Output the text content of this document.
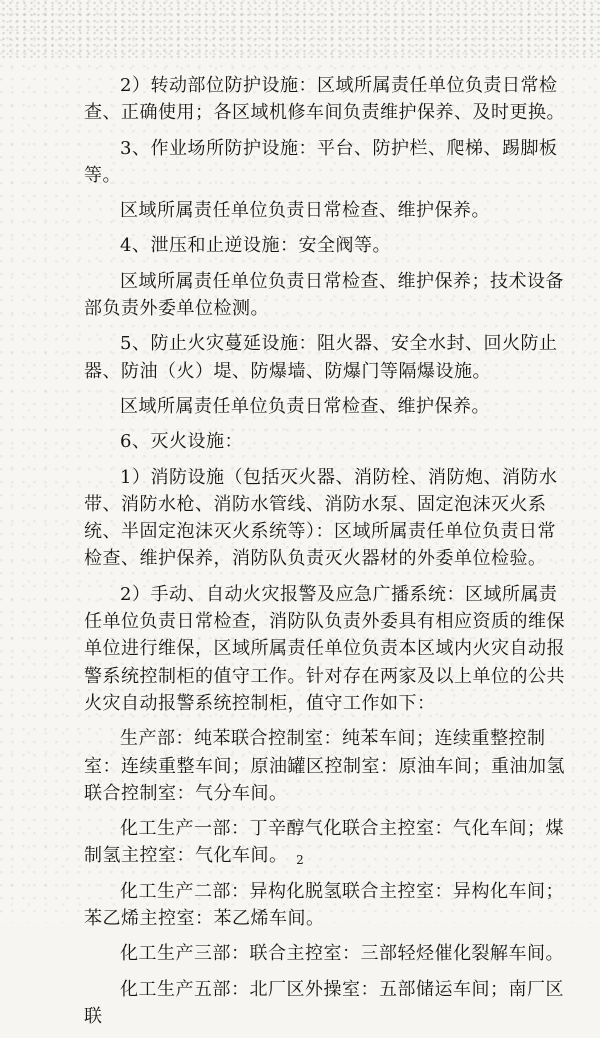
2）转动部位防护设施：区域所属责任单位负责日常检查、正确使用；各区域机修车间负责维护保养、及时更换。

3、作业场所防护设施：平台、防护栏、爬梯、踢脚板等。

区域所属责任单位负责日常检查、维护保养。

4、泄压和止逆设施：安全阀等。

区域所属责任单位负责日常检查、维护保养；技术设备部负责外委单位检测。

5、防止火灾蔓延设施：阻火器、安全水封、回火防止器、防油（火）堤、防爆墙、防爆门等隔爆设施。

区域所属责任单位负责日常检查、维护保养。

6、灭火设施：

1）消防设施（包括灭火器、消防栓、消防炮、消防水带、消防水枪、消防水管线、消防水泵、固定泡沫灭火系统、半固定泡沫灭火系统等）：区域所属责任单位负责日常检查、维护保养，消防队负责灭火器材的外委单位检验。

2）手动、自动火灾报警及应急广播系统：区域所属责任单位负责日常检查，消防队负责外委具有相应资质的维保单位进行维保，区域所属责任单位负责本区域内火灾自动报警系统控制柜的值守工作。针对存在两家及以上单位的公共火灾自动报警系统控制柜，值守工作如下：

生产部：纯苯联合控制室：纯苯车间；连续重整控制室：连续重整车间；原油罐区控制室：原油车间；重油加氢联合控制室：气分车间。

化工生产一部：丁辛醇气化联合主控室：气化车间；煤制氢主控室：气化车间。

化工生产二部：异构化脱氢联合主控室：异构化车间；苯乙烯主控室：苯乙烯车间。

化工生产三部：联合主控室：三部轻烃催化裂解车间。

化工生产五部：北厂区外操室：五部储运车间；南厂区联

2
